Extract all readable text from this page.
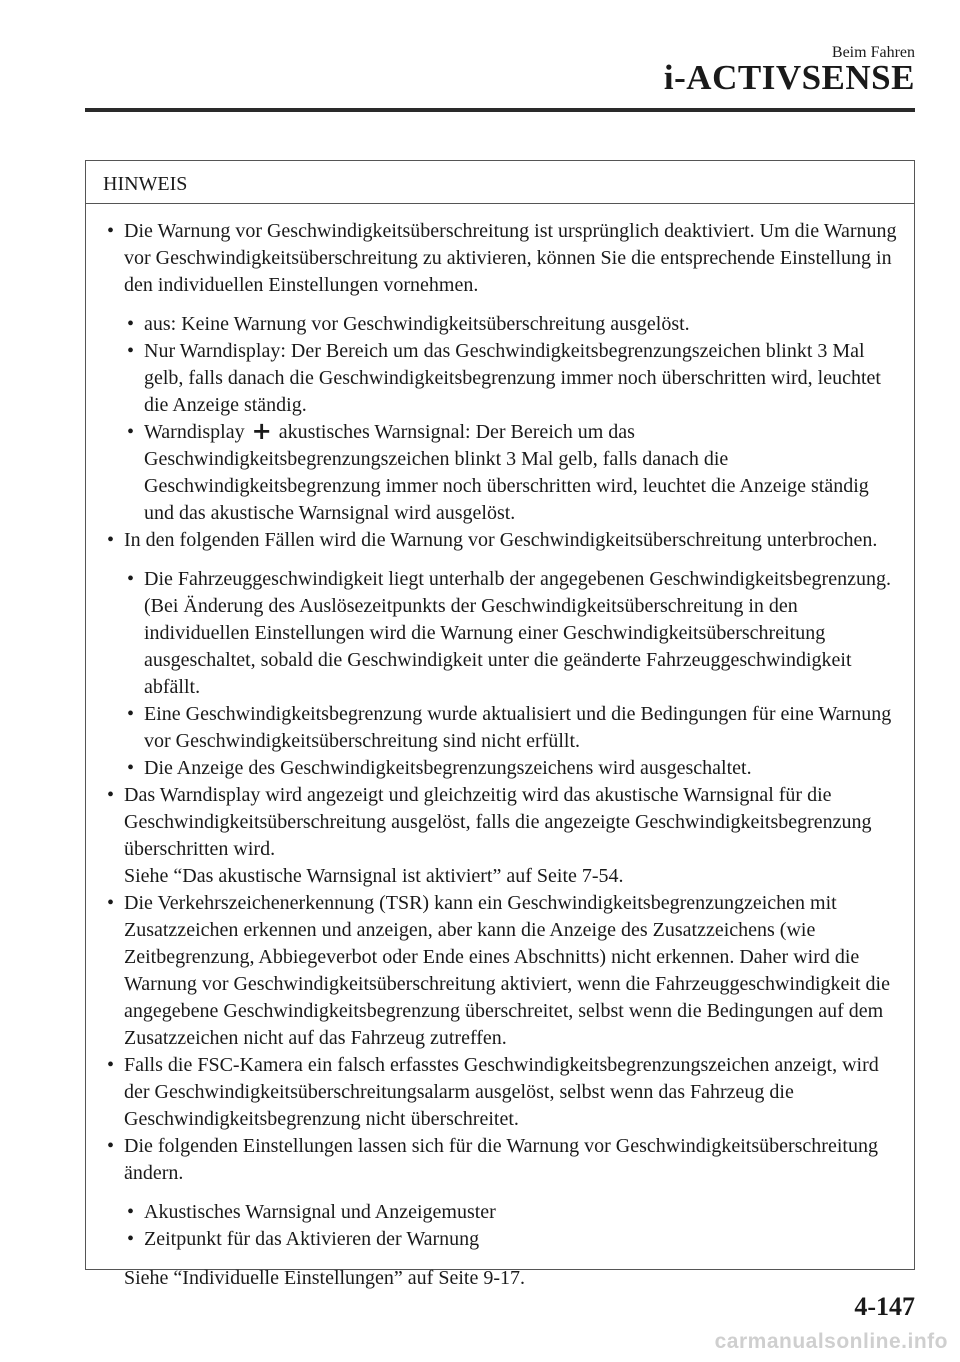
Beim Fahren
i-ACTIVSENSE
HINWEIS
• Die Warnung vor Geschwindigkeitsüberschreitung ist ursprünglich deaktiviert. Um die Warnung vor Geschwindigkeitsüberschreitung zu aktivieren, können Sie die entsprechende Einstellung in den individuellen Einstellungen vornehmen.
• aus: Keine Warnung vor Geschwindigkeitsüberschreitung ausgelöst.
• Nur Warndisplay: Der Bereich um das Geschwindigkeitsbegrenzungszeichen blinkt 3 Mal gelb, falls danach die Geschwindigkeitsbegrenzung immer noch überschritten wird, leuchtet die Anzeige ständig.
• Warndisplay + akustisches Warnsignal: Der Bereich um das Geschwindigkeitsbegrenzungszeichen blinkt 3 Mal gelb, falls danach die Geschwindigkeitsbegrenzung immer noch überschritten wird, leuchtet die Anzeige ständig und das akustische Warnsignal wird ausgelöst.
• In den folgenden Fällen wird die Warnung vor Geschwindigkeitsüberschreitung unterbrochen.
• Die Fahrzeuggeschwindigkeit liegt unterhalb der angegebenen Geschwindigkeitsbegrenzung. (Bei Änderung des Auslösezeitpunkts der Geschwindigkeitsüberschreitung in den individuellen Einstellungen wird die Warnung einer Geschwindigkeitsüberschreitung ausgeschaltet, sobald die Geschwindigkeit unter die geänderte Fahrzeuggeschwindigkeit abfällt.
• Eine Geschwindigkeitsbegrenzung wurde aktualisiert und die Bedingungen für eine Warnung vor Geschwindigkeitsüberschreitung sind nicht erfüllt.
• Die Anzeige des Geschwindigkeitsbegrenzungszeichens wird ausgeschaltet.
• Das Warndisplay wird angezeigt und gleichzeitig wird das akustische Warnsignal für die Geschwindigkeitsüberschreitung ausgelöst, falls die angezeigte Geschwindigkeitsbegrenzung überschritten wird.
Siehe “Das akustische Warnsignal ist aktiviert” auf Seite 7-54.
• Die Verkehrszeichenerkennung (TSR) kann ein Geschwindigkeitsbegrenzungzeichen mit Zusatzzeichen erkennen und anzeigen, aber kann die Anzeige des Zusatzzeichens (wie Zeitbegrenzung, Abbiegeverbot oder Ende eines Abschnitts) nicht erkennen. Daher wird die Warnung vor Geschwindigkeitsüberschreitung aktiviert, wenn die Fahrzeuggeschwindigkeit die angegebene Geschwindigkeitsbegrenzung überschreitet, selbst wenn die Bedingungen auf dem Zusatzzeichen nicht auf das Fahrzeug zutreffen.
• Falls die FSC-Kamera ein falsch erfasstes Geschwindigkeitsbegrenzungszeichen anzeigt, wird der Geschwindigkeitsüberschreitungsalarm ausgelöst, selbst wenn das Fahrzeug die Geschwindigkeitsbegrenzung nicht überschreitet.
• Die folgenden Einstellungen lassen sich für die Warnung vor Geschwindigkeitsüberschreitung ändern.
• Akustisches Warnsignal und Anzeigemuster
• Zeitpunkt für das Aktivieren der Warnung
Siehe “Individuelle Einstellungen” auf Seite 9-17.
4-147
carmanualsonline.info
